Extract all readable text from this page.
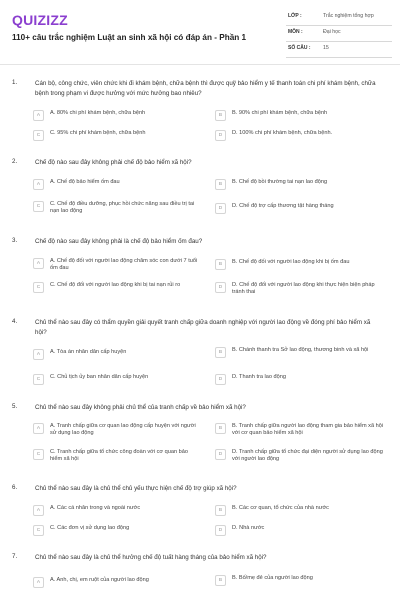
QUIZIZZ
110+ câu trắc nghiệm Luật an sinh xã hội có đáp án - Phần 1
LỚP :	Trắc nghiệm tổng hợp
MÔN :	Đại học
SỐ CÂU : 15
1.	Cán bộ, công chức, viên chức khi đi khám bệnh, chữa bệnh thì được quỹ bảo hiểm y tế thanh toán chi phí khám bệnh, chữa bệnh trong phạm vi được hưởng với mức hưởng bao nhiêu?
A	A. 80% chi phí khám bệnh, chữa bệnh	B	B. 90% chi phí khám bệnh, chữa bệnh
C	C. 95% chi phí khám bệnh, chữa bệnh	D	D. 100% chi phí khám bệnh, chữa bệnh.
2.	Chế độ nào sau đây không phải chế độ bảo hiểm xã hội?
A	A. Chế độ bảo hiểm ốm đau	B	B. Chế độ bồi thường tai nạn lao động
C	C. Chế độ điều dưỡng, phục hồi chức năng sau điều trị tai nạn lao động	D	D. Chế độ trợ cấp thương tật hàng tháng
3.	Chế độ nào sau đây không phải là chế độ bảo hiểm ốm đau?
A	A. Chế độ đối với người lao động chăm sóc con dưới 7 tuổi ốm đau
B	B. Chế độ đối với người lao động khi bị ốm đau
C	C. Chế độ đối với người lao động khi bị tai nạn rủi ro	D	D. Chế độ đối với người lao động khi thực hiện biện pháp tránh thai
4.	Chủ thể nào sau đây có thẩm quyền giải quyết tranh chấp giữa doanh nghiệp với người lao động về đóng phí bảo hiểm xã hội?
A	A. Tòa án nhân dân cấp huyện	B	B. Chánh thanh tra Sở lao động, thương binh và xã hội
C	C. Chủ tịch ủy ban nhân dân cấp huyện	D	D. Thanh tra lao động
5.	Chủ thể nào sau đây không phải chủ thể của tranh chấp về bảo hiểm xã hội?
A	A. Tranh chấp giữa cơ quan lao động cấp huyện với người sử dụng lao động
B	B. Tranh chấp giữa người lao động tham gia bảo hiểm xã hội với cơ quan bảo hiểm xã hội
C	C. Tranh chấp giữa tổ chức công đoàn với cơ quan bảo hiểm xã hội
D	D. Tranh chấp giữa tổ chức đại diện người sử dụng lao động với người lao động
6.	Chủ thể nào sau đây là chủ thể chủ yếu thực hiện chế độ trợ giúp xã hội?
A	A. Các cá nhân trong và ngoài nước	B	B. Các cơ quan, tổ chức của nhà nước
C	C. Các đơn vị sử dụng lao động	D	D. Nhà nước
7.	Chủ thể nào sau đây là chủ thể hưởng chế độ tuất hàng tháng của bảo hiểm xã hội?
A	A. Anh, chị, em ruột của người lao động	B	B. Bố/mẹ đẻ của người lao động
